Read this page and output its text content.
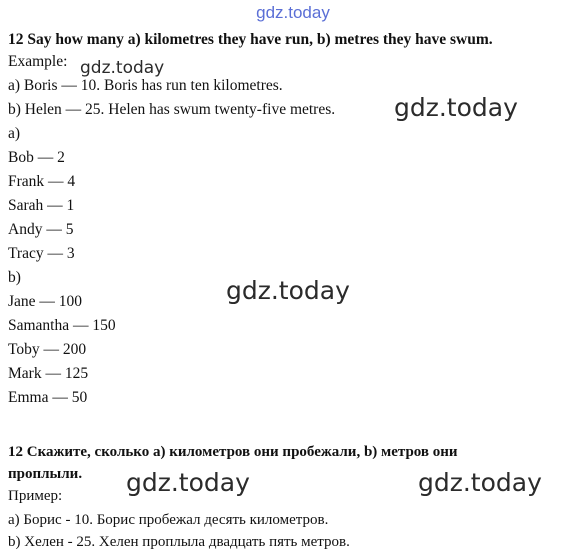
gdz.today
gdz.today
gdz.today
gdz.today
gdz.today	gdz.today
12 Say how many a) kilometres they have run, b) metres they have swum.
Example:
a) Boris — 10. Boris has run ten kilometres.
b) Helen — 25. Helen has swum twenty-five metres.
a)
Bob — 2
Frank — 4
Sarah — 1
Andy — 5
Tracy — 3
b)
Jane — 100
Samantha — 150
Toby — 200
Mark — 125
Emma — 50
12 Скажите, сколько а) километров они пробежали, b) метров они
проплыли.
Пример:
а) Борис - 10. Борис пробежал десять километров.
b) Хелен - 25. Хелен проплыла двадцать пять метров.
